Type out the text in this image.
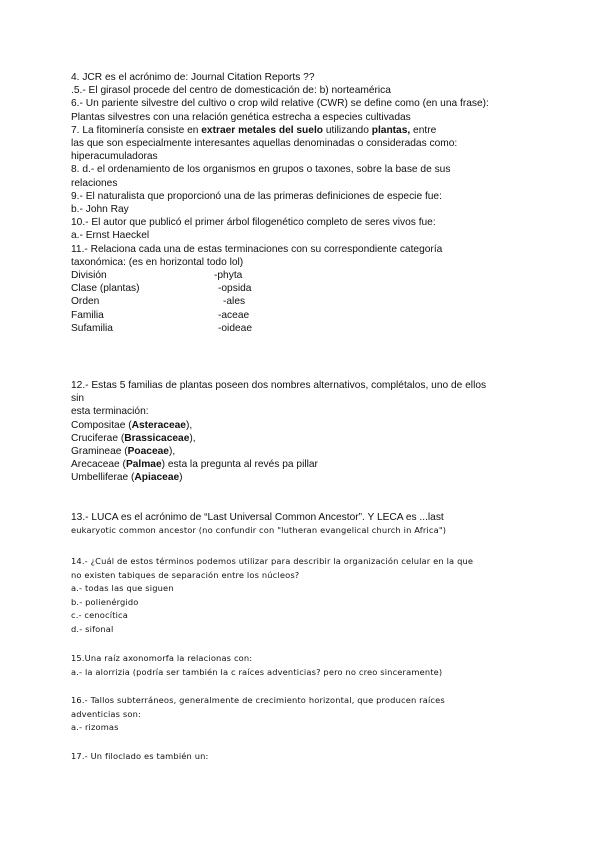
4. JCR es el acrónimo de: Journal Citation Reports ??
.5.- El girasol procede del centro de domesticación de: b) norteamérica
6.- Un pariente silvestre del cultivo o crop wild relative (CWR) se define como (en una frase):
Plantas silvestres con una relación genética estrecha a especies cultivadas
7. La fitominería consiste en extraer metales del suelo utilizando plantas, entre
las que son especialmente interesantes aquellas denominadas o consideradas como:
hiperacumuladoras
8. d.- el ordenamiento de los organismos en grupos o taxones, sobre la base de sus
relaciones
9.- El naturalista que proporcionó una de las primeras definiciones de especie fue:
b.- John Ray
10.- El autor que publicó el primer árbol filogenético completo de seres vivos fue:
a.- Ernst Haeckel
11.- Relaciona cada una de estas terminaciones con su correspondiente categoría
taxonómica: (es en horizontal todo lol)
División	-phyta
Clase (plantas)	-opsida
Orden	-ales
Familia	-aceae
Sufamilia	-oideae
12.- Estas 5 familias de plantas poseen dos nombres alternativos, complétalos, uno de ellos
sin
esta terminación:
Compositae (Asteraceae),
Cruciferae (Brassicaceae),
Gramineae (Poaceae),
Arecaceae (Palmae) esta la pregunta al revés pa pillar
Umbelliferae (Apiaceae)
13.- LUCA es el acrónimo de “Last Universal Common Ancestor”. Y LECA es ...last
eukaryotic common ancestor (no confundir con "lutheran evangelical church in Africa")
14.- ¿Cuál de estos términos podemos utilizar para describir la organización celular en la que
no existen tabiques de separación entre los núcleos?
a.- todas las que siguen
b.- polienérgido
c.- cenocítica
d.- sifonal
15.Una raíz axonomorfa la relacionas con:
a.- la alorrizia (podría ser también la c raíces adventicias? pero no creo sinceramente)
16.- Tallos subterráneos, generalmente de crecimiento horizontal, que producen raíces
adventicias son:
a.- rizomas
17.- Un filoclado es también un:
